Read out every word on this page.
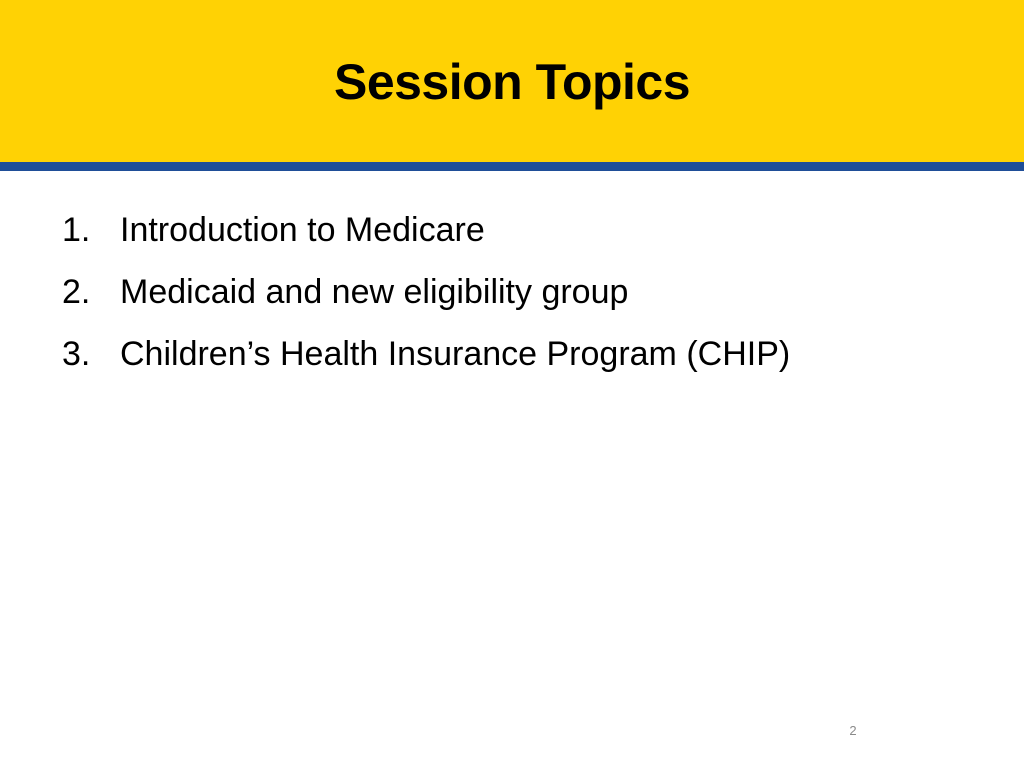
Session Topics
1. Introduction to Medicare
2. Medicaid and new eligibility group
3. Children’s Health Insurance Program (CHIP)
2
